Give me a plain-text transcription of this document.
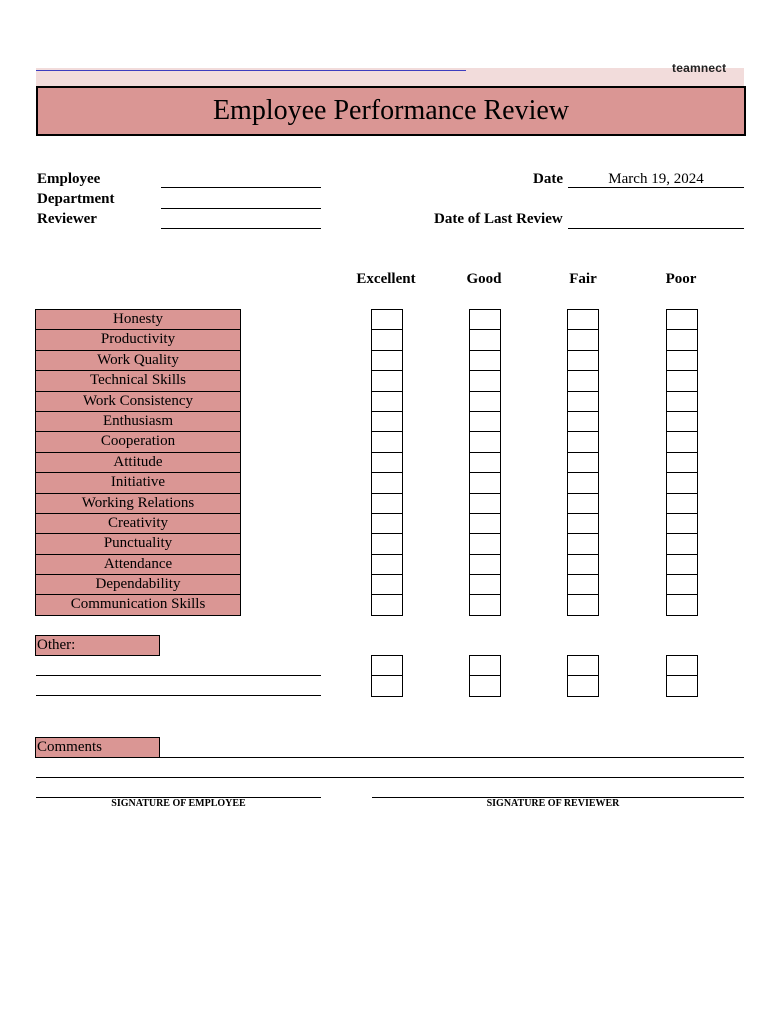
teamnect
Employee Performance Review
Employee
Department
Reviewer
Date	March 19, 2024
Date of Last Review
Excellent	Good	Fair	Poor
Honesty
Productivity
Work Quality
Technical Skills
Work Consistency
Enthusiasm
Cooperation
Attitude
Initiative
Working Relations
Creativity
Punctuality
Attendance
Dependability
Communication Skills
Other:
Comments
SIGNATURE OF EMPLOYEE	SIGNATURE OF REVIEWER
